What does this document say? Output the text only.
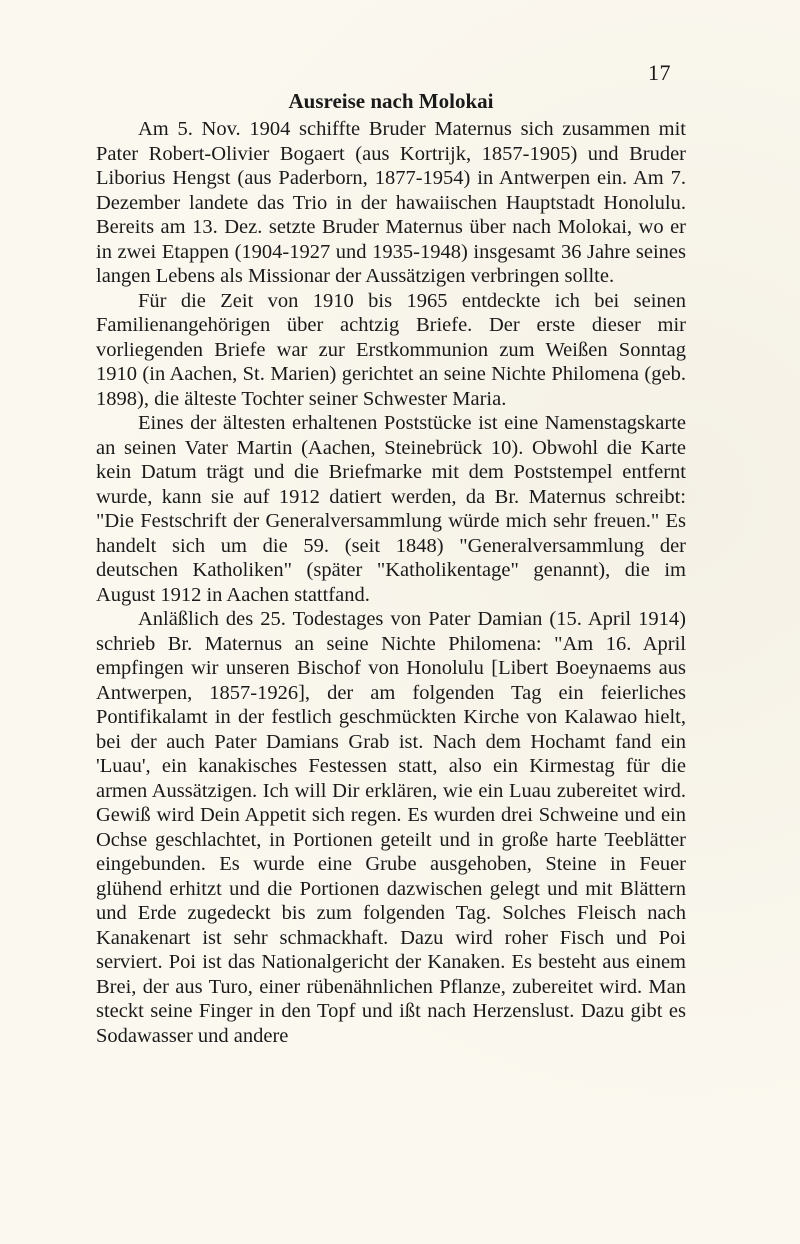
17
Ausreise nach Molokai

Am 5. Nov. 1904 schiffte Bruder Maternus sich zusammen mit Pater Robert-Olivier Bogaert (aus Kortrijk, 1857-1905) und Bruder Liborius Hengst (aus Paderborn, 1877-1954) in Antwerpen ein. Am 7. Dezember landete das Trio in der hawaiischen Hauptstadt Honolulu. Bereits am 13. Dez. setzte Bruder Maternus über nach Molokai, wo er in zwei Etappen (1904-1927 und 1935-1948) insgesamt 36 Jahre seines langen Lebens als Missionar der Aussätzigen verbringen sollte.

Für die Zeit von 1910 bis 1965 entdeckte ich bei seinen Familienangehörigen über achtzig Briefe. Der erste dieser mir vorliegenden Briefe war zur Erstkommunion zum Weißen Sonntag 1910 (in Aachen, St. Marien) gerichtet an seine Nichte Philomena (geb. 1898), die älteste Tochter seiner Schwester Maria.

Eines der ältesten erhaltenen Poststücke ist eine Namenstagskarte an seinen Vater Martin (Aachen, Steinebrück 10). Obwohl die Karte kein Datum trägt und die Briefmarke mit dem Poststempel entfernt wurde, kann sie auf 1912 datiert werden, da Br. Maternus schreibt: "Die Festschrift der Generalversammlung würde mich sehr freuen." Es handelt sich um die 59. (seit 1848) "Generalversammlung der deutschen Katholiken" (später "Katholikentage" genannt), die im August 1912 in Aachen stattfand.

Anläßlich des 25. Todestages von Pater Damian (15. April 1914) schrieb Br. Maternus an seine Nichte Philomena: "Am 16. April empfingen wir unseren Bischof von Honolulu [Libert Boeynaems aus Antwerpen, 1857-1926], der am folgenden Tag ein feierliches Pontifikalamt in der festlich geschmückten Kirche von Kalawao hielt, bei der auch Pater Damians Grab ist. Nach dem Hochamt fand ein 'Luau', ein kanakisches Festessen statt, also ein Kirmestag für die armen Aussätzigen. Ich will Dir erklären, wie ein Luau zubereitet wird. Gewiß wird Dein Appetit sich regen. Es wurden drei Schweine und ein Ochse geschlachtet, in Portionen geteilt und in große harte Teeblätter eingebunden. Es wurde eine Grube ausgehoben, Steine in Feuer glühend erhitzt und die Portionen dazwischen gelegt und mit Blättern und Erde zugedeckt bis zum folgenden Tag. Solches Fleisch nach Kanakenart ist sehr schmackhaft. Dazu wird roher Fisch und Poi serviert. Poi ist das Nationalgericht der Kanaken. Es besteht aus einem Brei, der aus Turo, einer rübenähnlichen Pflanze, zubereitet wird. Man steckt seine Finger in den Topf und ißt nach Herzenslust. Dazu gibt es Sodawasser und andere
